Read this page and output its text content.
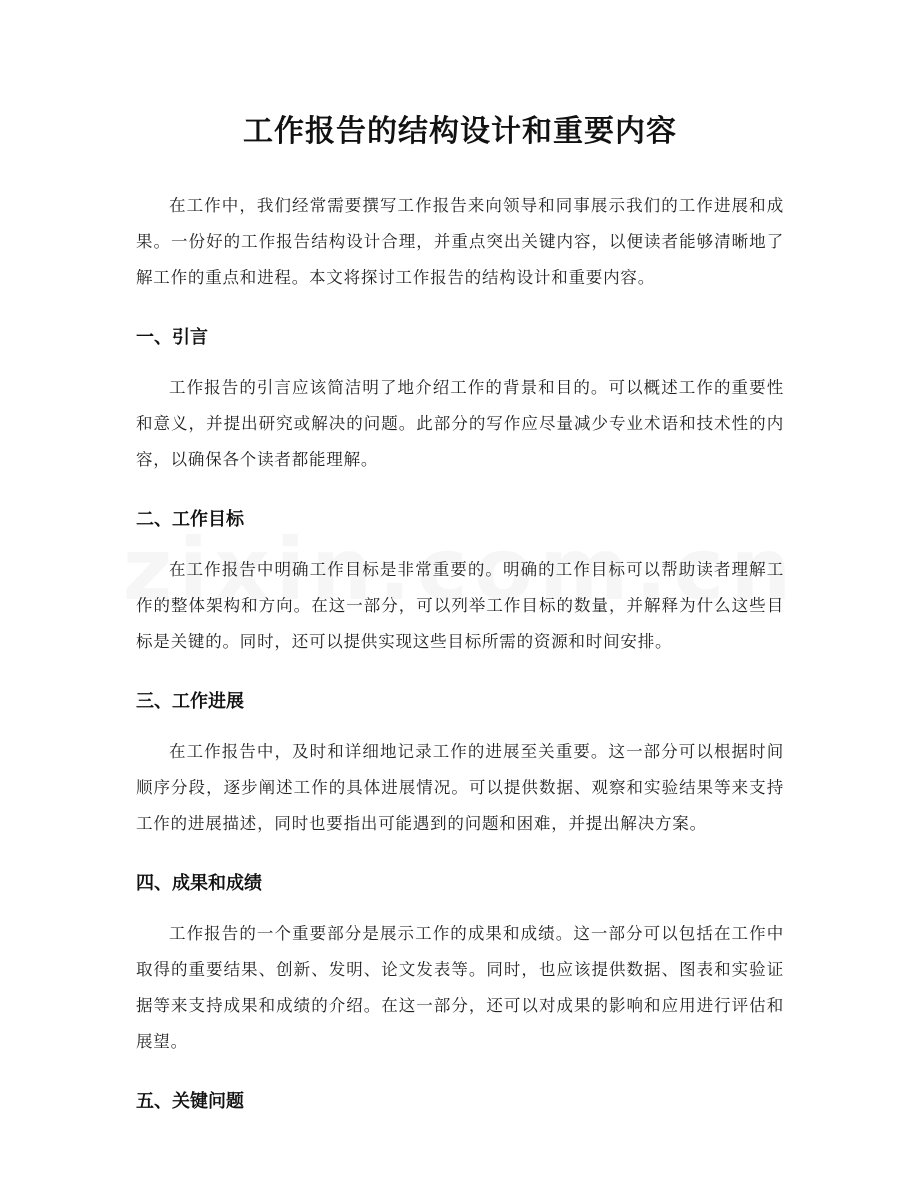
工作报告的结构设计和重要内容

在工作中，我们经常需要撰写工作报告来向领导和同事展示我们的工作进展和成果。一份好的工作报告结构设计合理，并重点突出关键内容，以便读者能够清晰地了解工作的重点和进程。本文将探讨工作报告的结构设计和重要内容。

一、引言

工作报告的引言应该简洁明了地介绍工作的背景和目的。可以概述工作的重要性和意义，并提出研究或解决的问题。此部分的写作应尽量减少专业术语和技术性的内容，以确保各个读者都能理解。

二、工作目标

在工作报告中明确工作目标是非常重要的。明确的工作目标可以帮助读者理解工作的整体架构和方向。在这一部分，可以列举工作目标的数量，并解释为什么这些目标是关键的。同时，还可以提供实现这些目标所需的资源和时间安排。

三、工作进展

在工作报告中，及时和详细地记录工作的进展至关重要。这一部分可以根据时间顺序分段，逐步阐述工作的具体进展情况。可以提供数据、观察和实验结果等来支持工作的进展描述，同时也要指出可能遇到的问题和困难，并提出解决方案。

四、成果和成绩

工作报告的一个重要部分是展示工作的成果和成绩。这一部分可以包括在工作中取得的重要结果、创新、发明、论文发表等。同时，也应该提供数据、图表和实验证据等来支持成果和成绩的介绍。在这一部分，还可以对成果的影响和应用进行评估和展望。

五、关键问题
